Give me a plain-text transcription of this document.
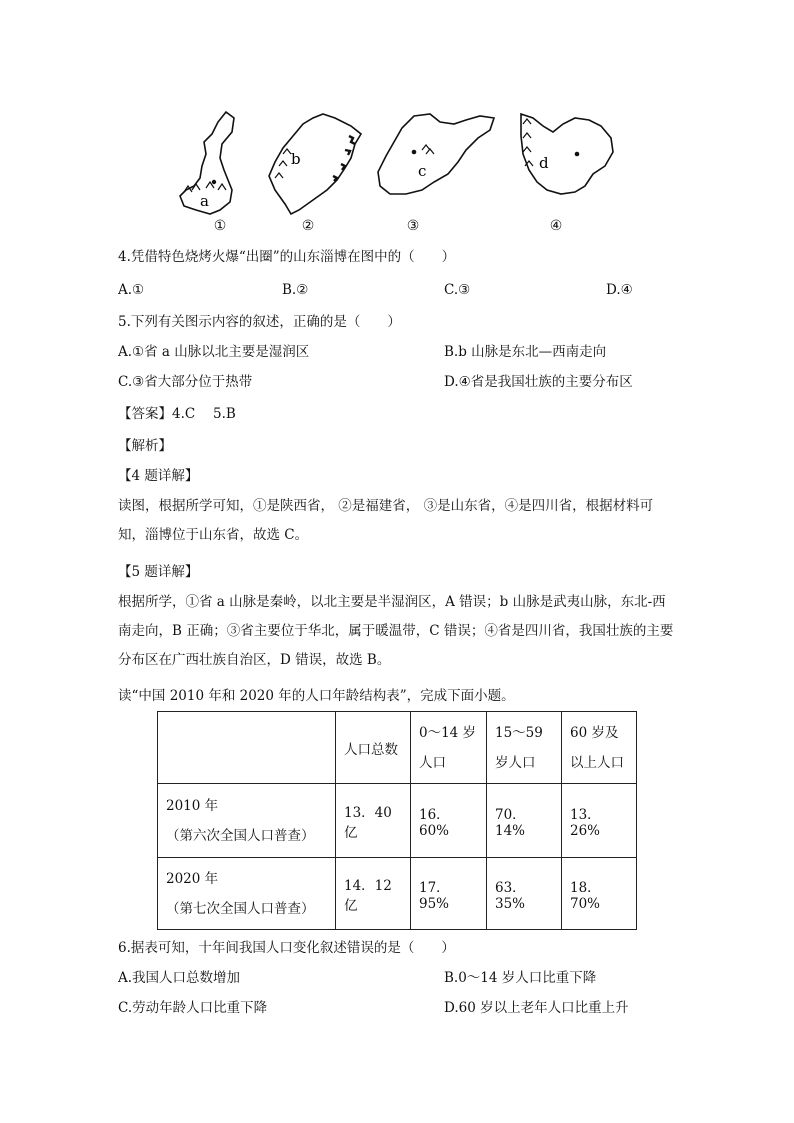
a
b
c	d
①	②	③	④
4.凭借特色烧烤火爆“出圈”的山东淄博在图中的（　　）
A.①	B.②	C.③	D.④
5.下列有关图示内容的叙述，正确的是（　　）
A.①省 a 山脉以北主要是湿润区	B.b 山脉是东北—西南走向
C.③省大部分位于热带	D.④省是我国壮族的主要分布区
【答案】4.C　 5.B
【解析】
【4 题详解】
读图，根据所学可知，①是陕西省， ②是福建省， ③是山东省，④是四川省，根据材料可知，淄博位于山东省，故选 C。
【5 题详解】
根据所学，①省 a 山脉是秦岭，以北主要是半湿润区，A 错误；b 山脉是武夷山脉，东北-西南走向，B 正确；③省主要位于华北，属于暖温带，C 错误；④省是四川省，我国壮族的主要分布区在广西壮族自治区，D 错误，故选 B。
读“中国 2010 年和 2020 年的人口年龄结构表”，完成下面小题。
	人口总数	0～14 岁人口	15～59 岁人口	60 岁及以上人口

2010 年
（第六次全国人口普查）	13．40 亿	16．60%	70．14%	13．26%

2020 年
（第七次全国人口普查）	14．12 亿	17．95%	63．35%	18．70%
6.据表可知，十年间我国人口变化叙述错误的是（　　）
A.我国人口总数增加	B.0～14 岁人口比重下降
C.劳动年龄人口比重下降	D.60 岁以上老年人口比重上升
